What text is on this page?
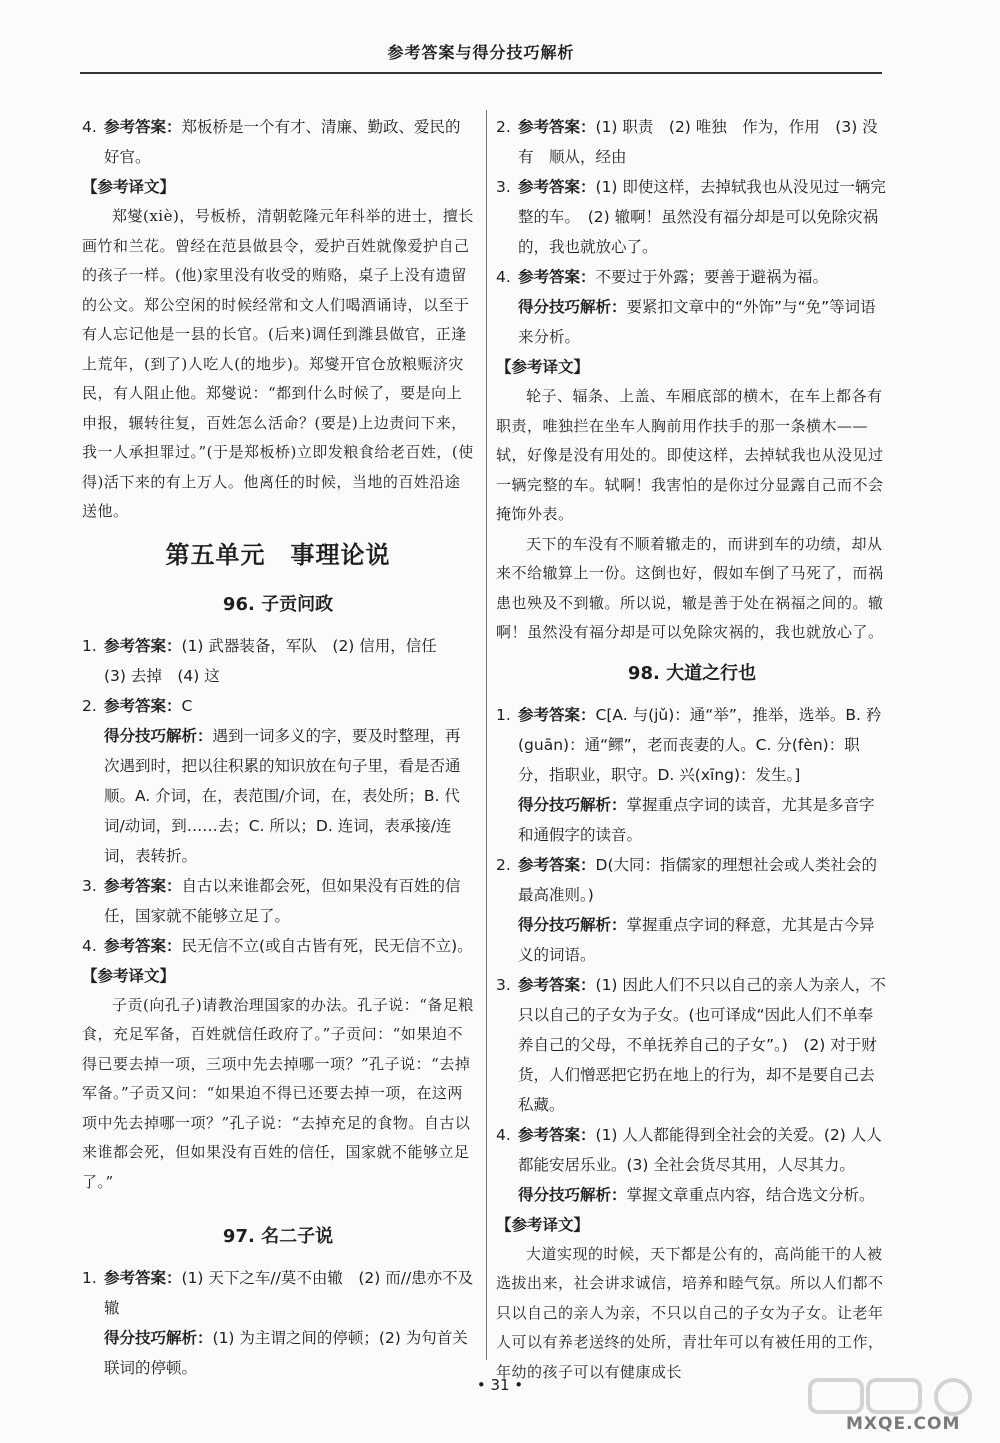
参考答案与得分技巧解析

4. 参考答案：郑板桥是一个有才、清廉、勤政、爱民的好官。

【参考译文】

郑燮(xiè)，号板桥，清朝乾隆元年科举的进士，擅长画竹和兰花。曾经在范县做县令，爱护百姓就像爱护自己的孩子一样。(他)家里没有收受的贿赂，桌子上没有遗留的公文。郑公空闲的时候经常和文人们喝酒诵诗，以至于有人忘记他是一县的长官。(后来)调任到潍县做官，正逢上荒年，(到了)人吃人(的地步)。郑燮开官仓放粮赈济灾民，有人阻止他。郑燮说：“都到什么时候了，要是向上申报，辗转往复，百姓怎么活命？(要是)上边责问下来，我一人承担罪过。”(于是郑板桥)立即发粮食给老百姓，(使得)活下来的有上万人。他离任的时候，当地的百姓沿途送他。

第五单元　事理论说
96. 子贡问政

1. 参考答案：(1) 武器装备，军队　(2) 信用，信任　(3) 去掉　(4) 这

2. 参考答案：C

得分技巧解析：遇到一词多义的字，要及时整理，再次遇到时，把以往积累的知识放在句子里，看是否通顺。A. 介词，在，表范围/介词，在，表处所；B. 代词/动词，到……去；C. 所以；D. 连词，表承接/连词，表转折。

3. 参考答案：自古以来谁都会死，但如果没有百姓的信任，国家就不能够立足了。

4. 参考答案：民无信不立(或自古皆有死，民无信不立)。

【参考译文】

子贡(向孔子)请教治理国家的办法。孔子说：“备足粮食，充足军备，百姓就信任政府了。”子贡问：“如果迫不得已要去掉一项，三项中先去掉哪一项？”孔子说：“去掉军备。”子贡又问：“如果迫不得已还要去掉一项，在这两项中先去掉哪一项？”孔子说：“去掉充足的食物。自古以来谁都会死，但如果没有百姓的信任，国家就不能够立足了。”

97. 名二子说

1. 参考答案：(1) 天下之车//莫不由辙　(2) 而//患亦不及辙

得分技巧解析：(1) 为主谓之间的停顿；(2) 为句首关联词的停顿。

2. 参考答案：(1) 职责　(2) 唯独　作为，作用　(3) 没有　顺从，经由

3. 参考答案：(1) 即使这样，去掉轼我也从没见过一辆完整的车。　(2) 辙啊！虽然没有福分却是可以免除灾祸的，我也就放心了。

4. 参考答案：不要过于外露；要善于避祸为福。

得分技巧解析：要紧扣文章中的“外饰”与“免”等词语来分析。

【参考译文】

轮子、辐条、上盖、车厢底部的横木，在车上都各有职责，唯独拦在坐车人胸前用作扶手的那一条横木——轼，好像是没有用处的。即使这样，去掉轼我也从没见过一辆完整的车。轼啊！我害怕的是你过分显露自己而不会掩饰外表。

天下的车没有不顺着辙走的，而讲到车的功绩，却从来不给辙算上一份。这倒也好，假如车倒了马死了，而祸患也殃及不到辙。所以说，辙是善于处在祸福之间的。辙啊！虽然没有福分却是可以免除灾祸的，我也就放心了。

98. 大道之行也

1. 参考答案：C[A. 与(jǔ)：通“举”，推举，选举。B. 矜(guān)：通“鳏”，老而丧妻的人。C. 分(fèn)：职分，指职业，职守。D. 兴(xīng)：发生。]

得分技巧解析：掌握重点字词的读音，尤其是多音字和通假字的读音。

2. 参考答案：D(大同：指儒家的理想社会或人类社会的最高准则。)

得分技巧解析：掌握重点字词的释意，尤其是古今异义的词语。

3. 参考答案：(1) 因此人们不只以自己的亲人为亲人，不只以自己的子女为子女。(也可译成“因此人们不单奉养自己的父母，不单抚养自己的子女”。)　(2) 对于财货，人们憎恶把它扔在地上的行为，却不是要自己去私藏。

4. 参考答案：(1) 人人都能得到全社会的关爱。(2) 人人都能安居乐业。(3) 全社会货尽其用，人尽其力。

得分技巧解析：掌握文章重点内容，结合选文分析。

【参考译文】

大道实现的时候，天下都是公有的，高尚能干的人被选拔出来，社会讲求诚信，培养和睦气氛。所以人们都不只以自己的亲人为亲，不只以自己的子女为子女。让老年人可以有养老送终的处所，青壮年可以有被任用的工作，年幼的孩子可以有健康成长

• 31 •
MXQE.COM
